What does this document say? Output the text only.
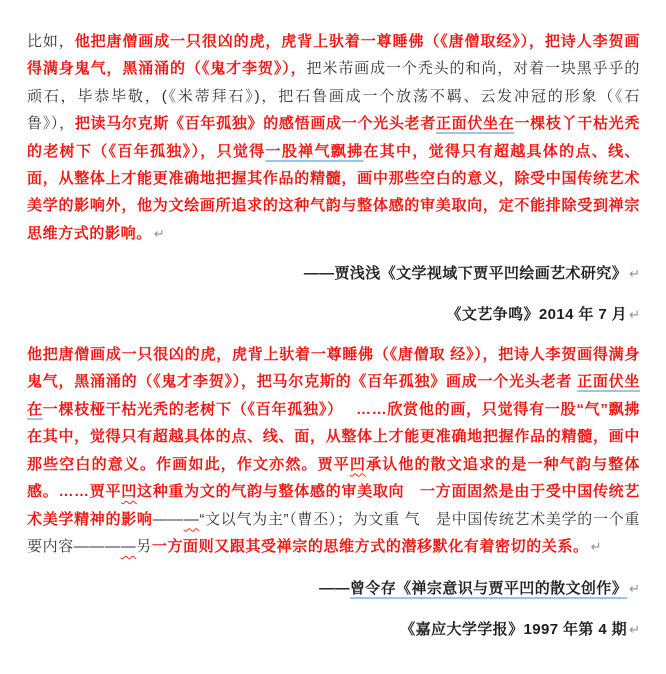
比如，他把唐僧画成一只很凶的虎，虎背上驮着一尊睡佛（《唐僧取经》），把诗人李贺画得满身鬼气，黑涌涌的（《鬼才李贺》），把米芾画成一个秃头的和尚，对着一块黑乎乎的顽石，毕恭毕敬，(《米蒂拜石》)，把石鲁画成一个放荡不羁、云发冲冠的形象（《石鲁》），把读马尔克斯《百年孤独》的感悟画成一个光头老者正面伏坐在一棵枝丫干枯光秃的老树下（《百年孤独》），只觉得一股禅气飘拂在其中，觉得只有超越具体的点、线、面，从整体上才能更准确地把握其作品的精髓，画中那些空白的意义，除受中国传统艺术美学的影响外，他为文绘画所追求的这种气韵与整体感的审美取向，定不能排除受到禅宗思维方式的影响。 ↵

——贾浅浅《文学视域下贾平凹绘画艺术研究》 ↵

《文艺争鸣》2014 年 7 月 ↵

他把唐僧画成一只很凶的虎，虎背上驮着一尊睡佛（《唐僧取 经》），把诗人李贺画得满身鬼气，黑涌涌的（《鬼才李贺》），把马尔克斯的《百年孤独》画成一个光头老者 正面伏坐在一棵枝桠干枯光秃的老树下（《百年孤独》）　 ……欣赏他的画，只觉得有一股“气”飘拂在其中，觉得只有超越具体的点、线、面，从整体上才能更准确地把握作品的精髓，画中那些空白的意义。作画如此，作文亦然。贾平凹承认他的散文追求的是一种气韵与整体感。……贾平凹这种重为文的气韵与整体感的审美取向　一方面固然是由于受中国传统艺术美学精神的影响———“文以气为主”（曹丕）；为文重 气　是中国传统艺术美学的一个重要内容————另一方面则又跟其受禅宗的思维方式的潜移默化有着密切的关系。 ↵

——曾令存《禅宗意识与贾平凹的散文创作》 ↵

《嘉应大学学报》1997 年第 4 期 ↵
